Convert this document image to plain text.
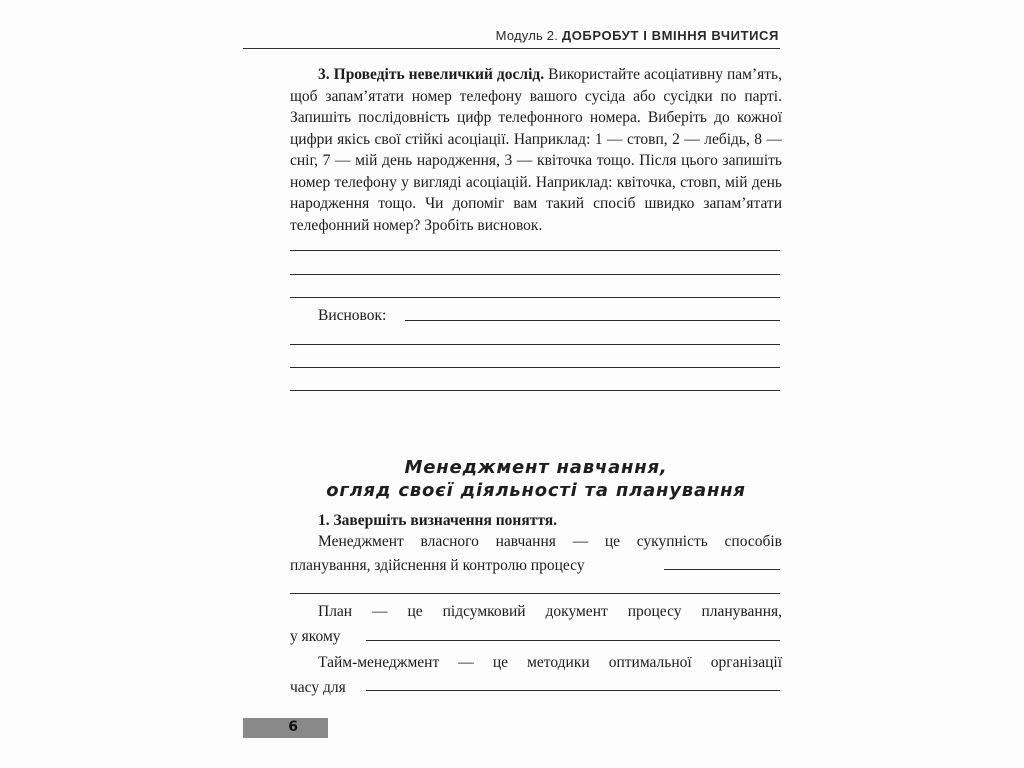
Модуль 2. ДОБРОБУТ І ВМІННЯ ВЧИТИСЯ
3. Проведіть невеличкий дослід. Використайте асоціативну пам’ять, щоб запам’ятати номер телефону вашого сусіда або сусідки по парті. Запишіть послідовність цифр телефонного номера. Виберіть до кожної цифри якісь свої стійкі асоціації. Наприклад: 1 — стовп, 2 — лебідь, 8 — сніг, 7 — мій день народження, 3 — квіточка тощо. Після цього запишіть номер телефону у вигляді асоціацій. Наприклад: квіточка, стовп, мій день народження тощо. Чи допоміг вам такий спосіб швидко запам’ятати телефонний номер? Зробіть висновок.
Висновок:
Менеджмент навчання,
огляд своєї діяльності та планування
1. Завершіть визначення поняття.
Менеджмент власного навчання — це сукупність способів
планування, здійснення й контролю процесу
План — це підсумковий документ процесу планування,
у якому
Тайм-менеджмент — це методики оптимальної організації
часу для
6
